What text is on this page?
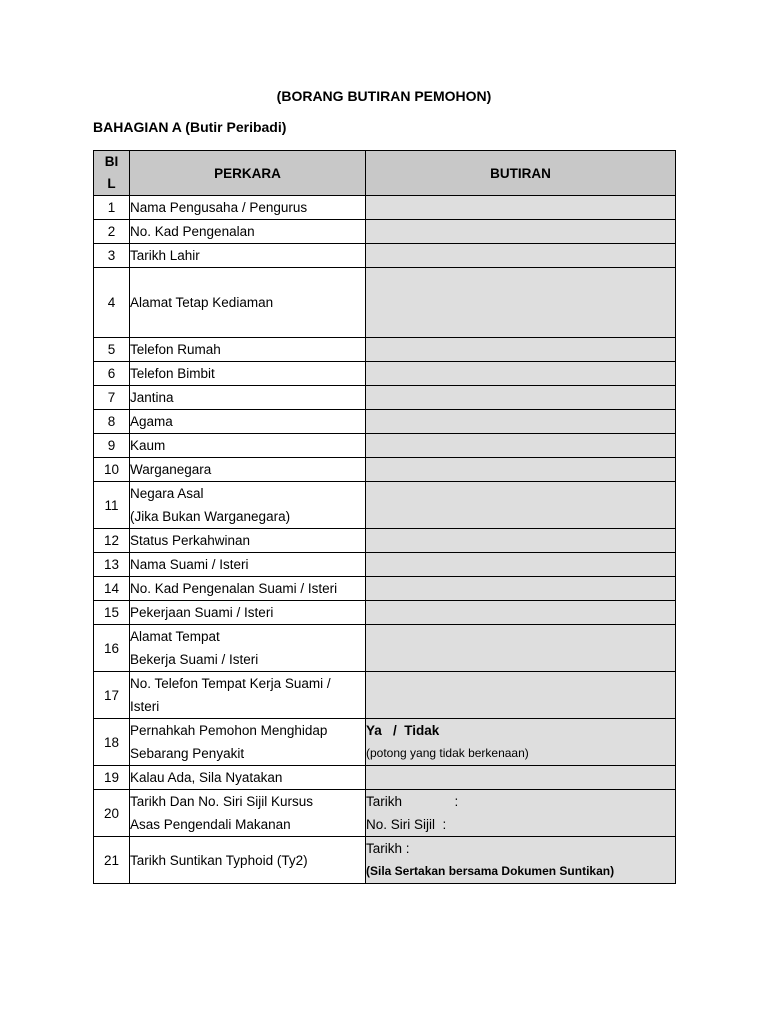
(BORANG BUTIRAN PEMOHON)
BAHAGIAN A (Butir Peribadi)
BI
L	PERKARA	BUTIRAN
1	Nama Pengusaha / Pengurus	

2	No. Kad Pengenalan	

3	Tarikh Lahir	

4	Alamat Tetap Kediaman	

5	Telefon Rumah	

6	Telefon Bimbit	

7	Jantina	

8	Agama	

9	Kaum	

10	Warganegara	

11	Negara Asal
(Jika Bukan Warganegara)	

12	Status Perkahwinan	

13	Nama Suami / Isteri	

14	No. Kad Pengenalan Suami / Isteri	

15	Pekerjaan Suami / Isteri	

16	Alamat Tempat
Bekerja Suami / Isteri	

17	No. Telefon Tempat Kerja Suami /
Isteri	

18	Pernahkah Pemohon Menghidap
Sebarang Penyakit	Ya   /  Tidak
(potong yang tidak berkenaan)

19	Kalau Ada, Sila Nyatakan	

20	Tarikh Dan No. Siri Sijil Kursus
Asas Pengendali Makanan	Tarikh              :
No. Siri Sijil  :

21	Tarikh Suntikan Typhoid (Ty2)	Tarikh :
(Sila Sertakan bersama Dokumen Suntikan)
